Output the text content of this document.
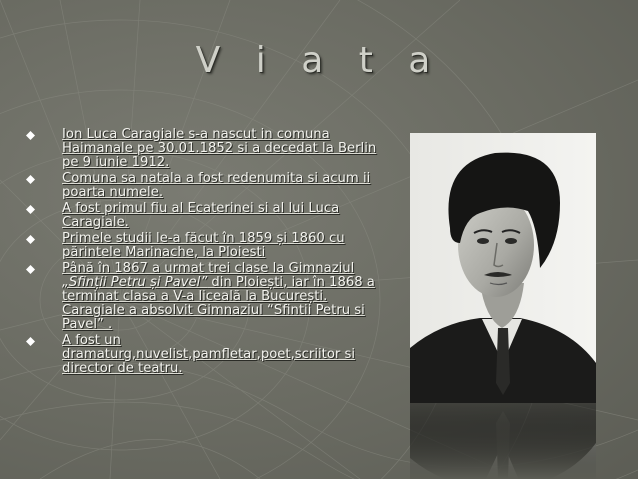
V i a t a
Ion Luca Caragiale s-a nascut in comuna Haimanale pe 30.01.1852 si a decedat la Berlin pe 9 iunie 1912.
Comuna sa natala a fost redenumita si acum ii poarta numele.
A fost primul fiu al Ecaterinei si al lui Luca Caragiale.
Primele studii le-a făcut în 1859 și 1860 cu părintele Marinache, la Ploiesti
Până în 1867 a urmat trei clase la Gimnaziul „Sfinții Petru și Pavel” din Ploiești, iar în 1868 a terminat clasa a V-a liceală la București. Caragiale a absolvit Gimnaziul “Sfintii Petru si Pavel” .
A fost un dramaturg,nuvelist,pamfletar,poet,scriitor si director de teatru.
